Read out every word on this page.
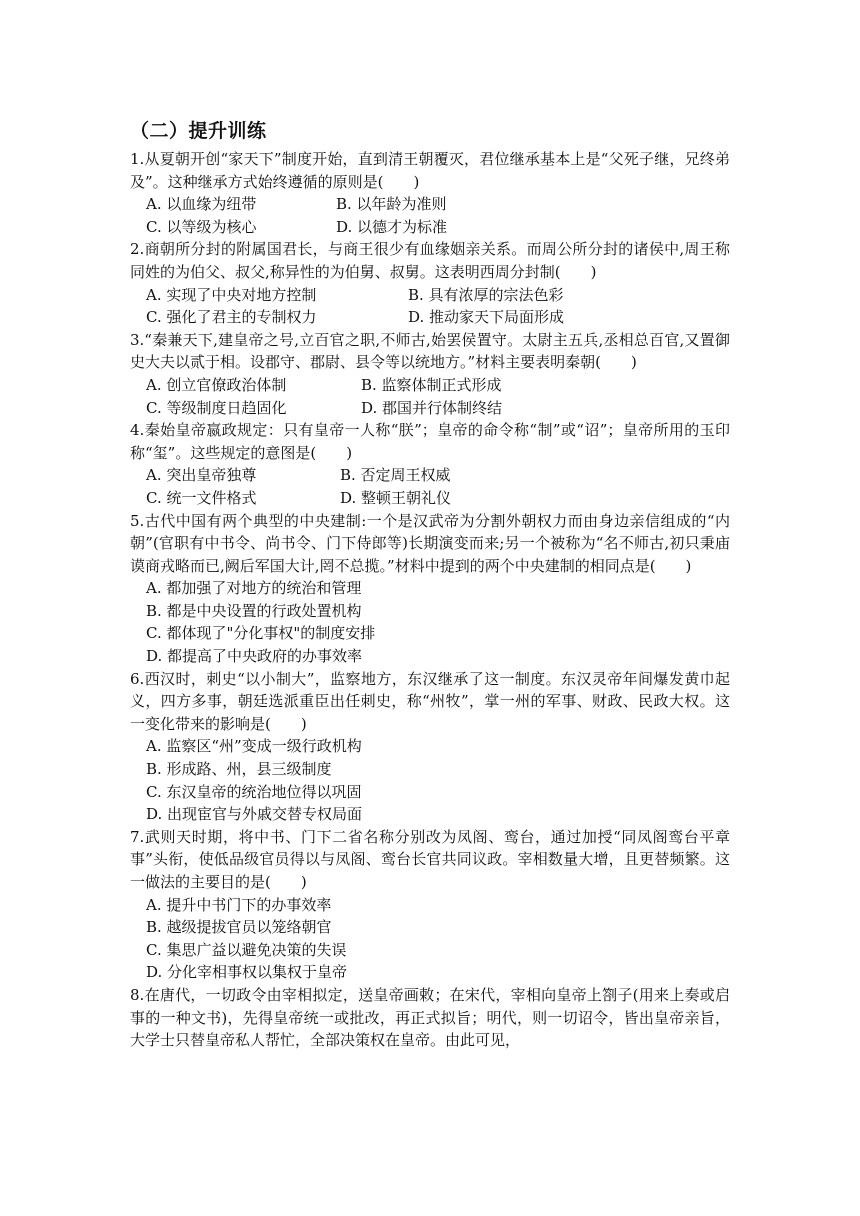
（二）提升训练
1.从夏朝开创“家天下”制度开始，直到清王朝覆灭，君位继承基本上是“父死子继，兄终弟及”。这种继承方式始终遵循的原则是(　　)
A. 以血缘为纽带	B. 以年龄为准则
C. 以等级为核心	D. 以德才为标准
2.商朝所分封的附属国君长，与商王很少有血缘姻亲关系。而周公所分封的诸侯中,周王称同姓的为伯父、叔父,称异性的为伯舅、叔舅。这表明西周分封制(　　)
A. 实现了中央对地方控制	B. 具有浓厚的宗法色彩
C. 强化了君主的专制权力	D. 推动家天下局面形成
3.“秦兼天下,建皇帝之号,立百官之职,不师古,始罢侯置守。太尉主五兵,丞相总百官,又置御史大夫以贰于相。设郡守、郡尉、县令等以统地方。”材料主要表明秦朝(　　)
A. 创立官僚政治体制	B. 监察体制正式形成
C. 等级制度日趋固化	D. 郡国并行体制终结
4.秦始皇帝嬴政规定：只有皇帝一人称“朕”；皇帝的命令称“制”或“诏”；皇帝所用的玉印称“玺”。这些规定的意图是(　　)
A. 突出皇帝独尊	B. 否定周王权威
C. 统一文件格式	D. 整顿王朝礼仪
5.古代中国有两个典型的中央建制:一个是汉武帝为分割外朝权力而由身边亲信组成的“内朝”(官职有中书令、尚书令、门下侍郎等)长期演变而来;另一个被称为“名不师古,初只秉庙谟商戎略而已,阙后军国大计,罔不总揽。”材料中提到的两个中央建制的相同点是(　　)
A. 都加强了对地方的统治和管理
B. 都是中央设置的行政处置机构
C. 都体现了"分化事权"的制度安排
D. 都提高了中央政府的办事效率
6.西汉时，刺史“以小制大”，监察地方，东汉继承了这一制度。东汉灵帝年间爆发黄巾起义，四方多事，朝廷选派重臣出任刺史，称“州牧”，掌一州的军事、财政、民政大权。这一变化带来的影响是(　　)
A. 监察区“州”变成一级行政机构
B. 形成路、州，县三级制度
C. 东汉皇帝的统治地位得以巩固
D. 出现宦官与外戚交替专权局面
7.武则天时期，将中书、门下二省名称分别改为凤阁、鸾台，通过加授“同凤阁鸾台平章事”头衔，使低品级官员得以与凤阁、鸾台长官共同议政。宰相数量大增，且更替频繁。这一做法的主要目的是(　　)
A. 提升中书门下的办事效率
B. 越级提拔官员以笼络朝官
C. 集思广益以避免决策的失误
D. 分化宰相事权以集权于皇帝
8.在唐代，一切政令由宰相拟定，送皇帝画敕；在宋代，宰相向皇帝上劄子(用来上奏或启事的一种文书)，先得皇帝统一或批改，再正式拟旨；明代，则一切诏令，皆出皇帝亲旨，大学士只替皇帝私人帮忙，全部决策权在皇帝。由此可见，
